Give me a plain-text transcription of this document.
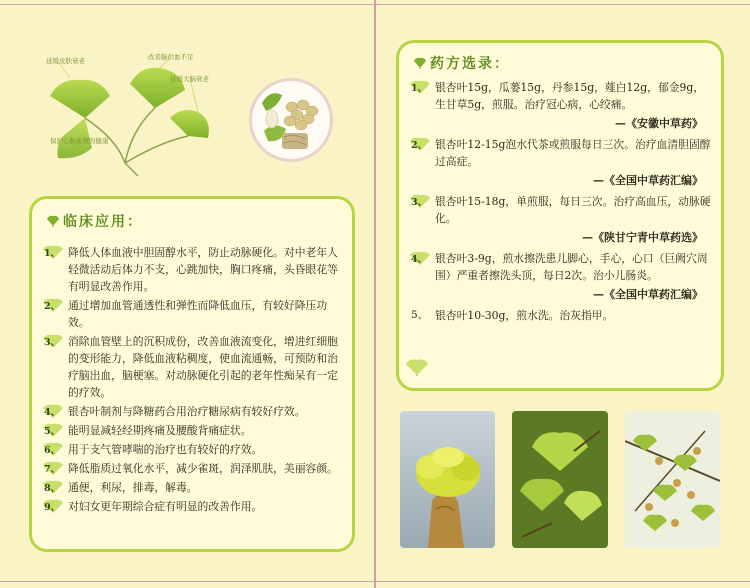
延缓皮肤衰老	改善脑供血不足
延缓大脑衰老
保护心脑血管的健康
临床应用：
1、 降低人体血液中胆固醇水平，防止动脉硬化。对中老年人轻微活动后体力不支，心跳加快，胸口疼痛，头昏眼花等有明显改善作用。
2、 通过增加血管通透性和弹性而降低血压，有较好降压功效。
3、 消除血管壁上的沉积成份，改善血液流变化，增进红细胞的变形能力，降低血液粘稠度，使血流通畅，可预防和治疗脑出血，脑梗塞。对动脉硬化引起的老年性痴呆有一定的疗效。
4、 银杏叶制剂与降糖药合用治疗糖尿病有较好疗效。
5、 能明显减轻经期疼痛及腰酸背痛症状。
6、 用于支气管哮喘的治疗也有较好的疗效。
7、 降低脂质过氧化水平，减少雀斑，润泽肌肤，美丽容颜。
8、 通便，利尿，排毒，解毒。
9、 对妇女更年期综合症有明显的改善作用。
药方选录：
1、 银杏叶15g，瓜蒌15g，丹参15g，薤白12g，郁金9g，生甘草5g，煎服。治疗冠心病，心绞痛。
—《安徽中草药》
2、 银杏叶12-15g泡水代茶或煎服每日三次。治疗血清胆固醇过高症。
—《全国中草药汇编》
3、 银杏叶15-18g，单煎服，每日三次。治疗高血压，动脉硬化。
—《陕甘宁青中草药选》
4、 银杏叶3-9g，煎水擦洗患儿脚心，手心，心口（巨阙穴周围）严重者擦洗头顶，每日2次。治小儿肠炎。
—《全国中草药汇编》
5、 银杏叶10-30g，煎水洗。治灰指甲。
